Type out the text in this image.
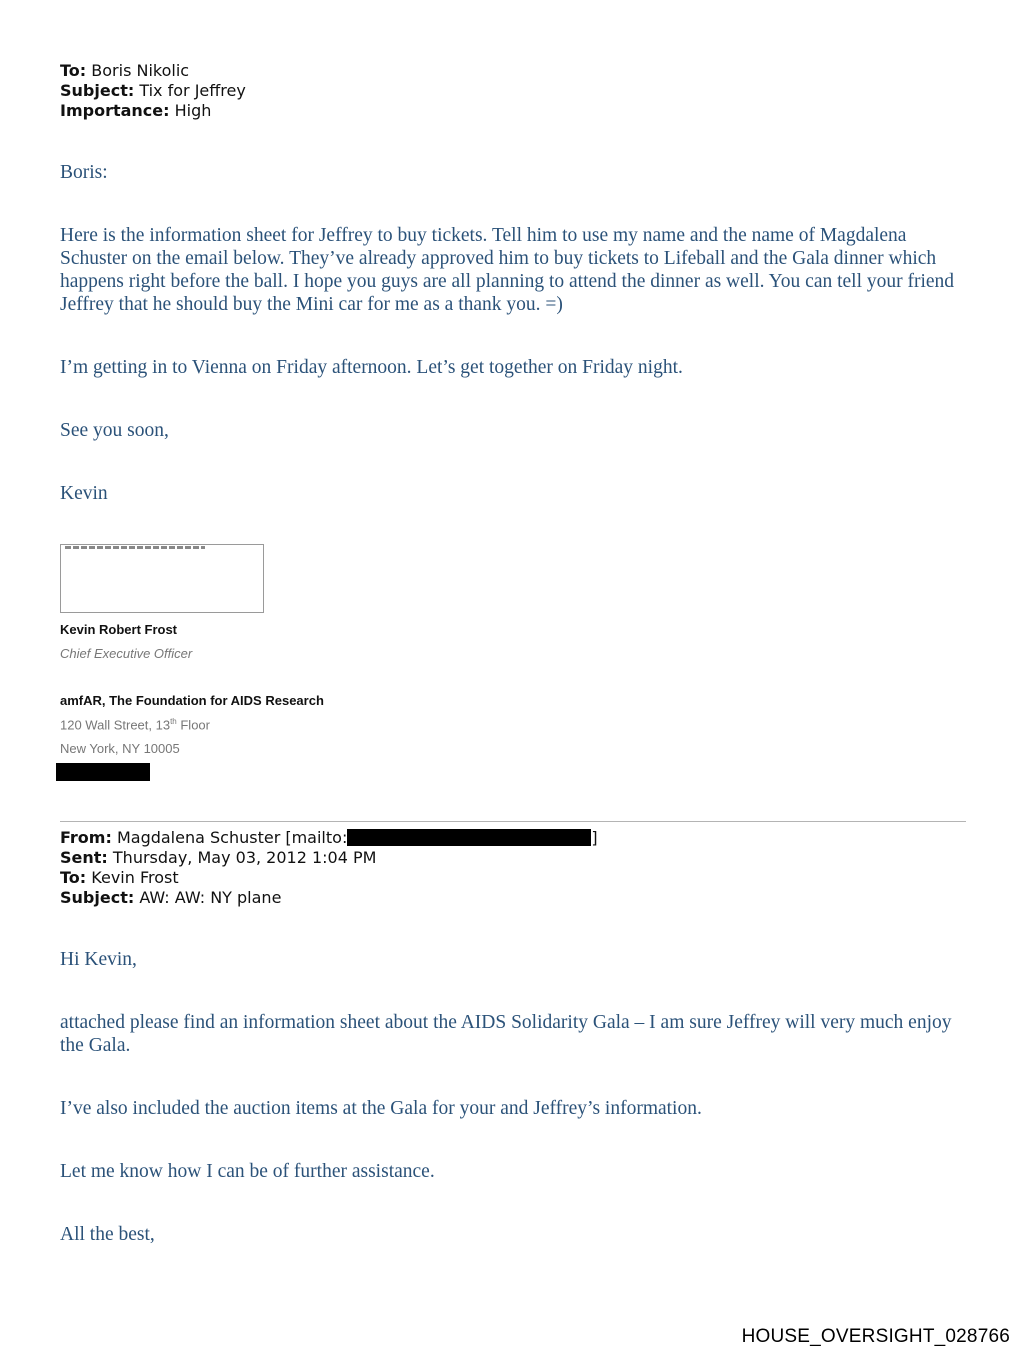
To: Boris Nikolic
Subject: Tix for Jeffrey
Importance: High
Boris:
Here is the information sheet for Jeffrey to buy tickets. Tell him to use my name and the name of Magdalena Schuster on the email below. They’ve already approved him to buy tickets to Lifeball and the Gala dinner which happens right before the ball. I hope you guys are all planning to attend the dinner as well. You can tell your friend Jeffrey that he should buy the Mini car for me as a thank you. =)
I’m getting in to Vienna on Friday afternoon. Let’s get together on Friday night.
See you soon,
Kevin
Kevin Robert Frost
Chief Executive Officer
amfAR, The Foundation for AIDS Research
120 Wall Street, 13th Floor
New York, NY 10005
From: Magdalena Schuster [mailto:	]
Sent: Thursday, May 03, 2012 1:04 PM
To: Kevin Frost
Subject: AW: AW: NY plane
Hi Kevin,
attached please find an information sheet about the AIDS Solidarity Gala – I am sure Jeffrey will very much enjoy the Gala.
I’ve also included the auction items at the Gala for your and Jeffrey’s information.
Let me know how I can be of further assistance.
All the best,
HOUSE_OVERSIGHT_028766
